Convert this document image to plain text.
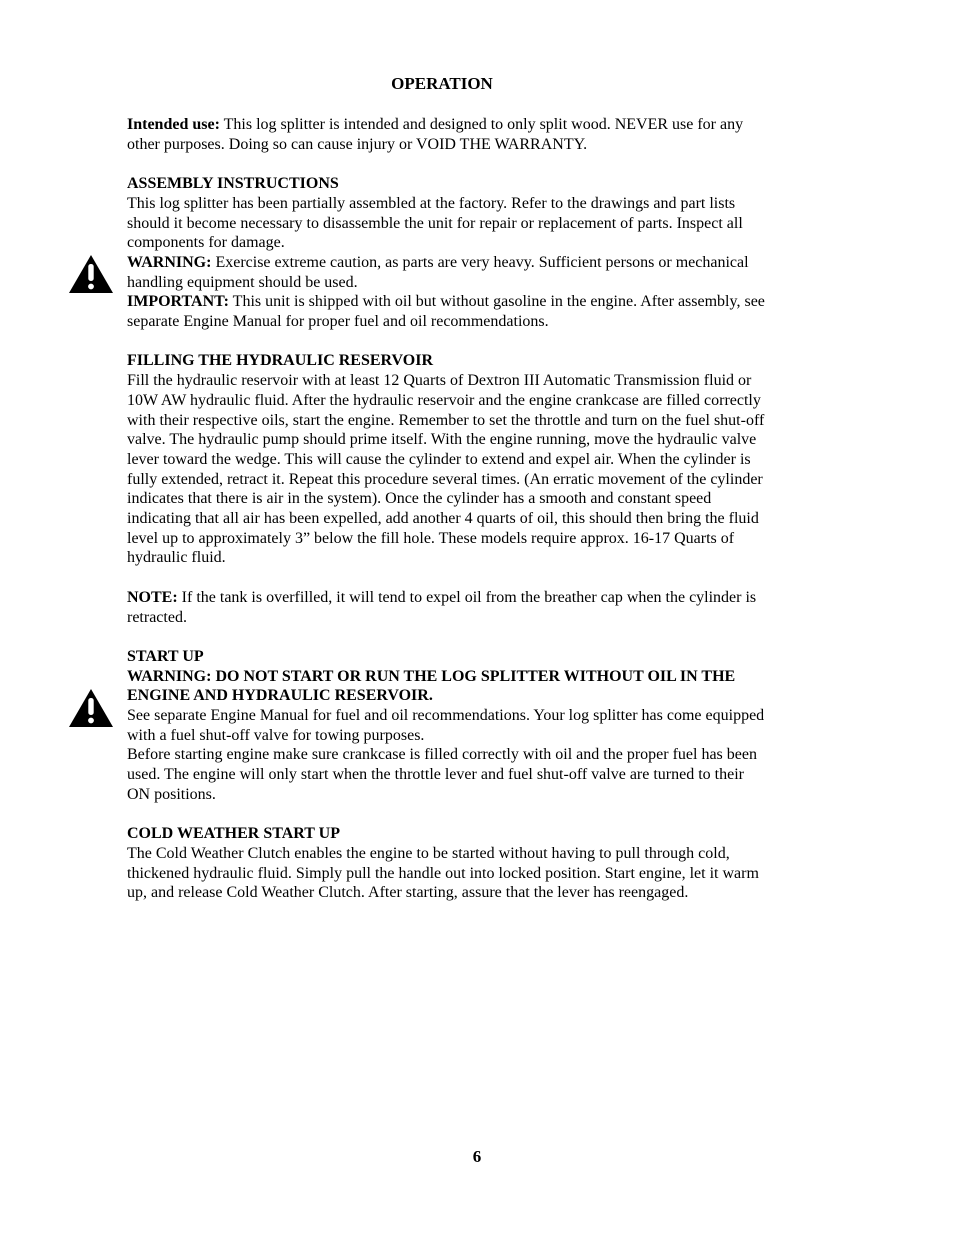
OPERATION

Intended use: This log splitter is intended and designed to only split wood. NEVER use for any other purposes. Doing so can cause injury or VOID THE WARRANTY.

ASSEMBLY INSTRUCTIONS

This log splitter has been partially assembled at the factory. Refer to the drawings and part lists should it become necessary to disassemble the unit for repair or replacement of parts. Inspect all components for damage.

WARNING: Exercise extreme caution, as parts are very heavy. Sufficient persons or mechanical handling equipment should be used.

IMPORTANT: This unit is shipped with oil but without gasoline in the engine. After assembly, see separate Engine Manual for proper fuel and oil recommendations.

FILLING THE HYDRAULIC RESERVOIR

Fill the hydraulic reservoir with at least 12 Quarts of Dextron III Automatic Transmission fluid or 10W AW hydraulic fluid. After the hydraulic reservoir and the engine crankcase are filled correctly with their respective oils, start the engine. Remember to set the throttle and turn on the fuel shut-off valve. The hydraulic pump should prime itself. With the engine running, move the hydraulic valve lever toward the wedge. This will cause the cylinder to extend and expel air. When the cylinder is fully extended, retract it. Repeat this procedure several times. (An erratic movement of the cylinder indicates that there is air in the system). Once the cylinder has a smooth and constant speed indicating that all air has been expelled, add another 4 quarts of oil, this should then bring the fluid level up to approximately 3” below the fill hole. These models require approx. 16-17 Quarts of hydraulic fluid.

NOTE: If the tank is overfilled, it will tend to expel oil from the breather cap when the cylinder is retracted.

START UP

WARNING: DO NOT START OR RUN THE LOG SPLITTER WITHOUT OIL IN THE ENGINE AND HYDRAULIC RESERVOIR.

See separate Engine Manual for fuel and oil recommendations. Your log splitter has come equipped with a fuel shut-off valve for towing purposes.

Before starting engine make sure crankcase is filled correctly with oil and the proper fuel has been used. The engine will only start when the throttle lever and fuel shut-off valve are turned to their ON positions.

COLD WEATHER START UP

The Cold Weather Clutch enables the engine to be started without having to pull through cold, thickened hydraulic fluid. Simply pull the handle out into locked position. Start engine, let it warm up, and release Cold Weather Clutch. After starting, assure that the lever has reengaged.

6
